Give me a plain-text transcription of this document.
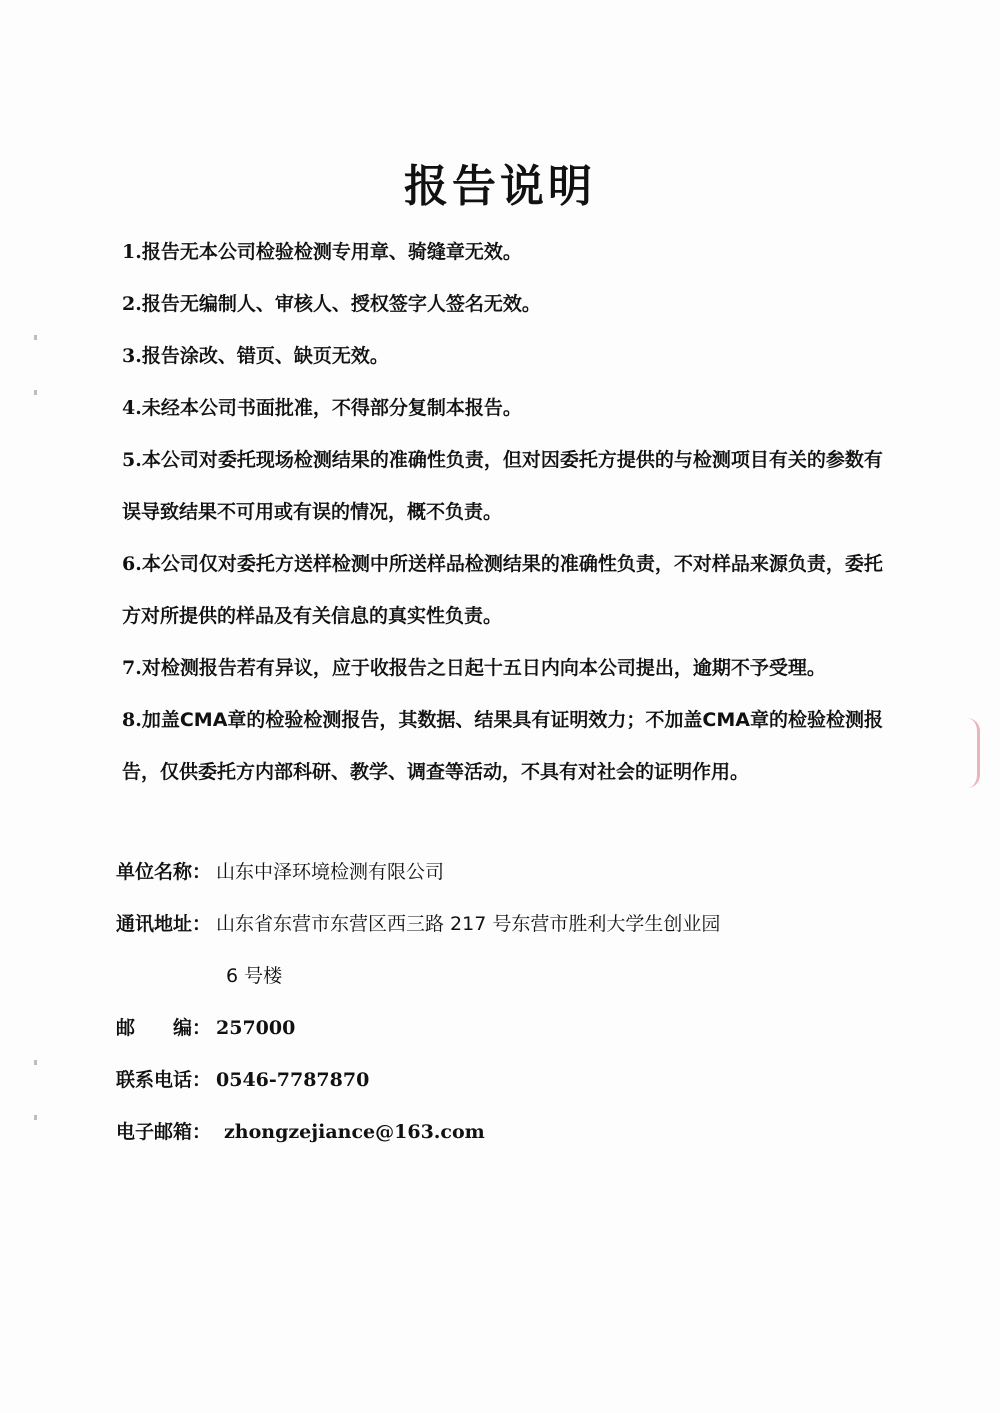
报告说明

1.报告无本公司检验检测专用章、骑缝章无效。

2.报告无编制人、审核人、授权签字人签名无效。

3.报告涂改、错页、缺页无效。

4.未经本公司书面批准，不得部分复制本报告。

5.本公司对委托现场检测结果的准确性负责，但对因委托方提供的与检测项目有关的参数有误导致结果不可用或有误的情况，概不负责。

6.本公司仅对委托方送样检测中所送样品检测结果的准确性负责，不对样品来源负责，委托方对所提供的样品及有关信息的真实性负责。

7.对检测报告若有异议，应于收报告之日起十五日内向本公司提出，逾期不予受理。

8.加盖CMA章的检验检测报告，其数据、结果具有证明效力；不加盖CMA章的检验检测报告，仅供委托方内部科研、教学、调查等活动，不具有对社会的证明作用。

单位名称： 山东中泽环境检测有限公司
通讯地址： 山东省东营市东营区西三路 217 号东营市胜利大学生创业园
6 号楼
邮　　编： 257000
联系电话： 0546-7787870
电子邮箱： zhongzejiance@163.com
